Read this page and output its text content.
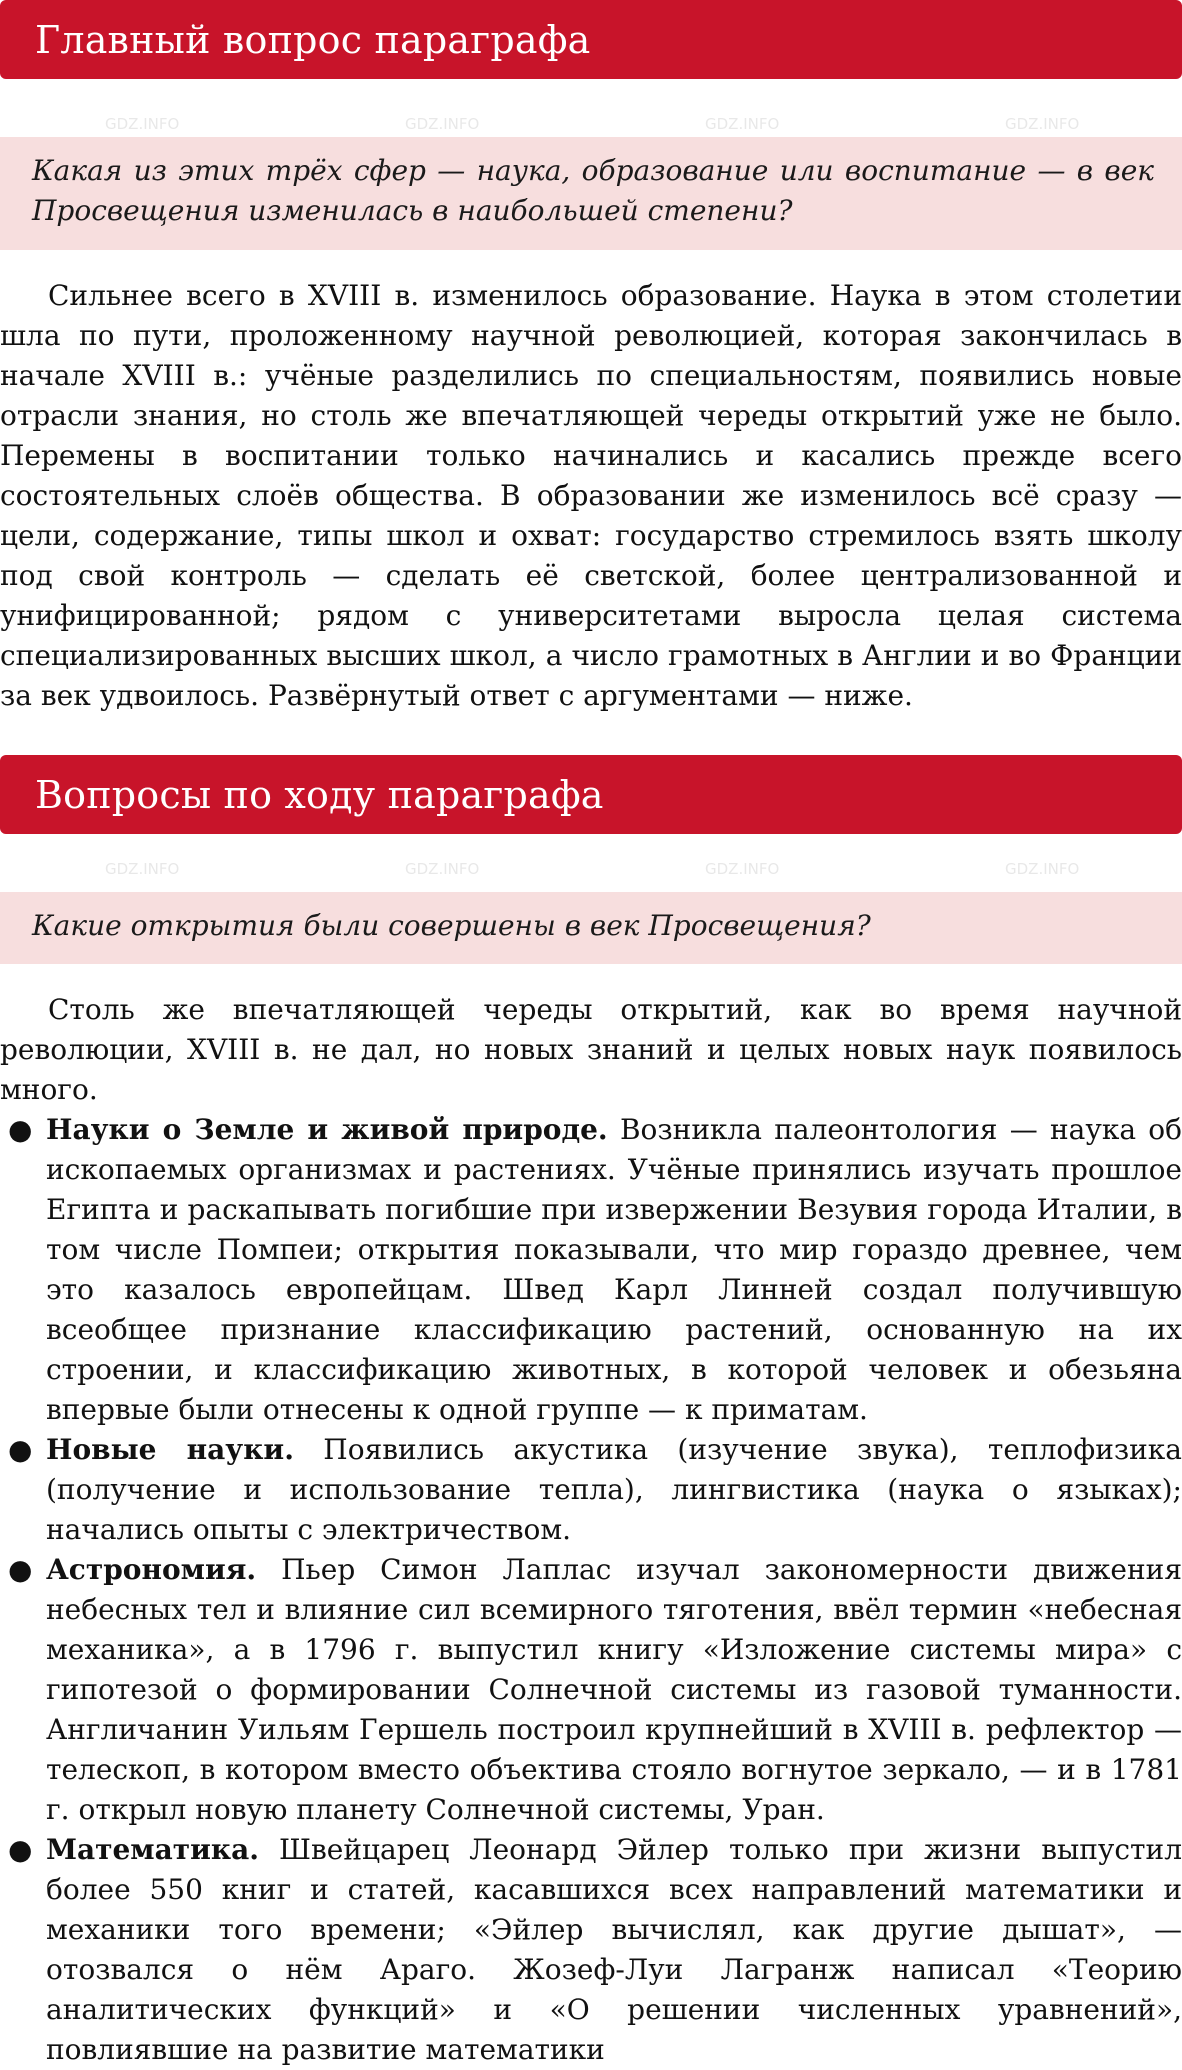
Главный вопрос параграфа
Какая из этих трёх сфер — наука, образование или воспитание — в век Просвещения изменилась в наибольшей степени?

Сильнее всего в XVIII в. изменилось образование. Наука в этом столетии шла по пути, проложенному научной революцией, которая закончилась в начале XVIII в.: учёные разделились по специальностям, появились новые отрасли знания, но столь же впечатляющей череды открытий уже не было. Перемены в воспитании только начинались и касались прежде всего состоятельных слоёв общества. В образовании же изменилось всё сразу — цели, содержание, типы школ и охват: государство стремилось взять школу под свой контроль — сделать её светской, более централизованной и унифицированной; рядом с университетами выросла целая система специализированных высших школ, а число грамотных в Англии и во Франции за век удвоилось. Развёрнутый ответ с аргументами — ниже.

Вопросы по ходу параграфа
Какие открытия были совершены в век Просвещения?

Столь же впечатляющей череды открытий, как во время научной революции, XVIII в. не дал, но новых знаний и целых новых наук появилось много.

● Науки о Земле и живой природе. Возникла палеонтология — наука об ископаемых организмах и растениях. Учёные принялись изучать прошлое Египта и раскапывать погибшие при извержении Везувия города Италии, в том числе Помпеи; открытия показывали, что мир гораздо древнее, чем это казалось европейцам. Швед Карл Линней создал получившую всеобщее признание классификацию растений, основанную на их строении, и классификацию животных, в которой человек и обезьяна впервые были отнесены к одной группе — к приматам.
● Новые науки. Появились акустика (изучение звука), теплофизика (получение и использование тепла), лингвистика (наука о языках); начались опыты с электричеством.
● Астрономия. Пьер Симон Лаплас изучал закономерности движения небесных тел и влияние сил всемирного тяготения, ввёл термин «небесная механика», а в 1796 г. выпустил книгу «Изложение системы мира» с гипотезой о формировании Солнечной системы из газовой туманности. Англичанин Уильям Гершель построил крупнейший в XVIII в. рефлектор — телескоп, в котором вместо объектива стояло вогнутое зеркало, — и в 1781 г. открыл новую планету Солнечной системы, Уран.
● Математика. Швейцарец Леонард Эйлер только при жизни выпустил более 550 книг и статей, касавшихся всех направлений математики и механики того времени; «Эйлер вычислял, как другие дышат», — отозвался о нём Араго. Жозеф-Луи Лагранж написал «Теорию аналитических функций» и «О решении численных уравнений», повлиявшие на развитие математики
GDZ.INFO	GDZ.INFO	GDZ.INFO	GDZ.INFO
GDZ.INFO	GDZ.INFO	GDZ.INFO	GDZ.INFO
